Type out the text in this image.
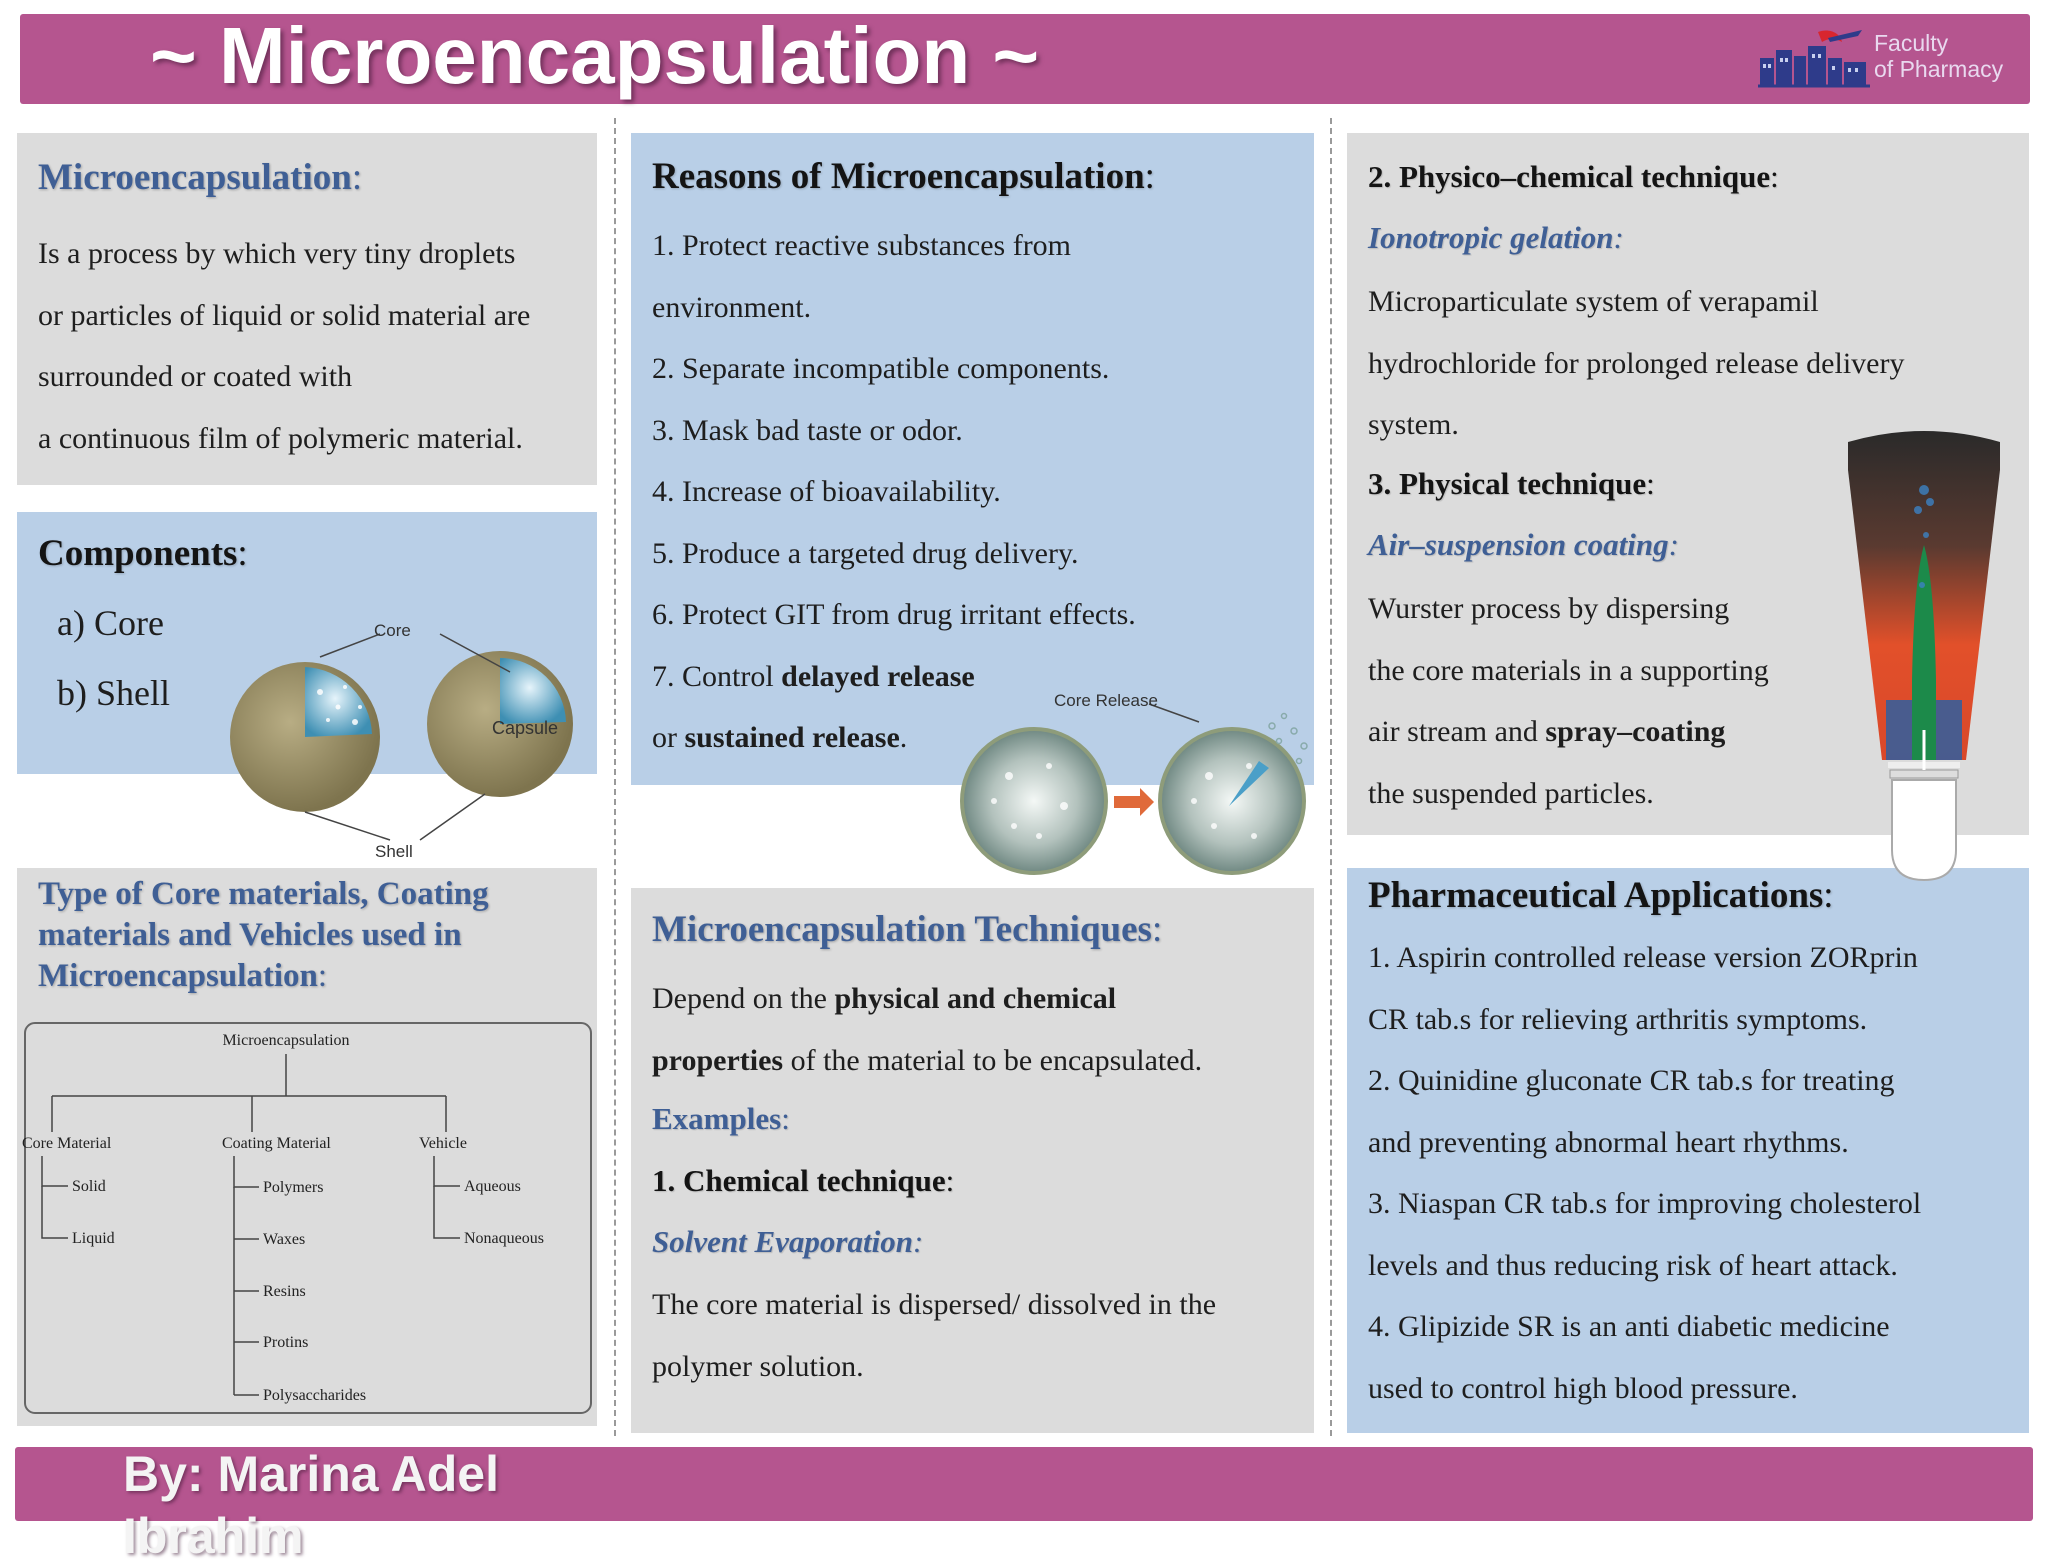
~ Microencapsulation ~	Faculty
of Pharmacy
Microencapsulation:
Is a process by which very tiny droplets
or particles of liquid or solid material are
surrounded or coated with
a continuous film of polymeric material.
Components:
a) Core
b) Shell
Core
Capsule
Shell
Type of Core materials, Coating
materials and Vehicles used in
Microencapsulation:
Microencapsulation
Core Material	Coating Material	Vehicle
Solid
Liquid
Polymers
Waxes
Resins
Protins
Polysaccharides
Aqueous
Nonaqueous
Reasons of Microencapsulation:
1. Protect reactive substances from
environment.
2. Separate incompatible components.
3. Mask bad taste or odor.
4. Increase of bioavailability.
5. Produce a targeted drug delivery.
6. Protect GIT from drug irritant effects.
7. Control delayed release
or sustained release.
Core Release
Microencapsulation Techniques:
Depend on the physical and chemical
properties of the material to be encapsulated.
Examples:
1. Chemical technique:
Solvent Evaporation:
The core material is dispersed/ dissolved in the
polymer solution.
2. Physico–chemical technique:
Ionotropic gelation:
Microparticulate system of verapamil
hydrochloride for prolonged release delivery
system.
3. Physical technique:
Air–suspension coating:
Wurster process by dispersing
the core materials in a supporting
air stream and spray–coating
the suspended particles.
Pharmaceutical Applications:
1. Aspirin controlled release version ZORprin
CR tab.s for relieving arthritis symptoms.
2. Quinidine gluconate CR tab.s for treating
and preventing abnormal heart rhythms.
3. Niaspan CR tab.s for improving cholesterol
levels and thus reducing risk of heart attack.
4. Glipizide SR is an anti diabetic medicine
used to control high blood pressure.
By: Marina Adel Ibrahim
